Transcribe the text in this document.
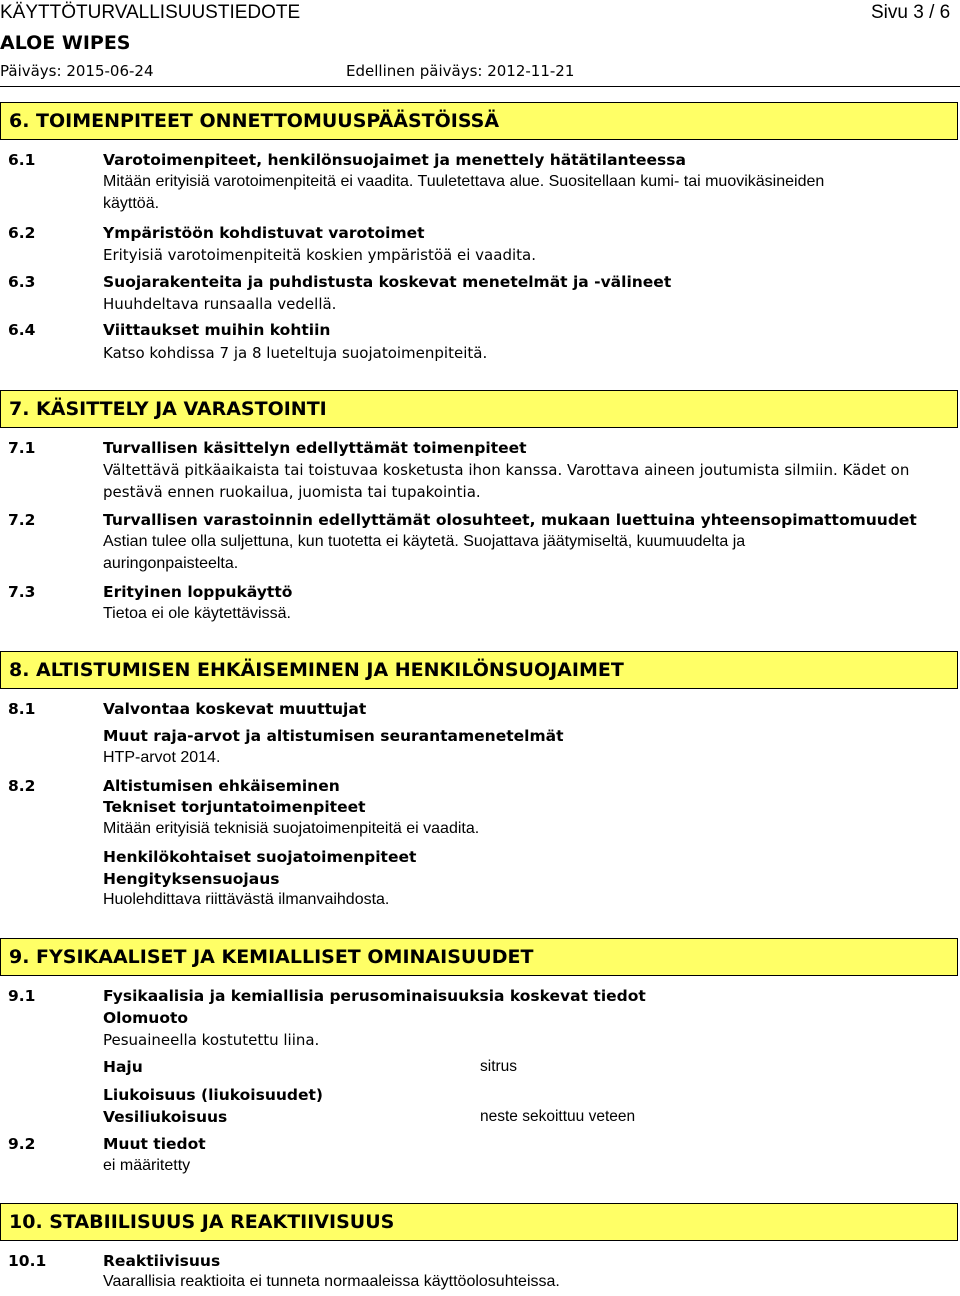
KÄYTTÖTURVALLISUUSTIEDOTE	Sivu 3 / 6
ALOE WIPES
Päiväys: 2015-06-24	Edellinen päiväys: 2012-11-21
6. TOIMENPITEET ONNETTOMUUSPÄÄSTÖISSÄ
6.1	Varotoimenpiteet, henkilönsuojaimet ja menettely hätätilanteessa
Mitään erityisiä varotoimenpiteitä ei vaadita. Tuuletettava alue. Suositellaan kumi- tai muovikäsineiden
käyttöä.
6.2	Ympäristöön kohdistuvat varotoimet
Erityisiä varotoimenpiteitä koskien ympäristöä ei vaadita.
6.3	Suojarakenteita ja puhdistusta koskevat menetelmät ja -välineet
Huuhdeltava runsaalla vedellä.
6.4	Viittaukset muihin kohtiin
Katso kohdissa 7 ja 8 lueteltuja suojatoimenpiteitä.
7. KÄSITTELY JA VARASTOINTI
7.1	Turvallisen käsittelyn edellyttämät toimenpiteet
Vältettävä pitkäaikaista tai toistuvaa kosketusta ihon kanssa. Varottava aineen joutumista silmiin. Kädet on
pestävä ennen ruokailua, juomista tai tupakointia.
7.2	Turvallisen varastoinnin edellyttämät olosuhteet, mukaan luettuina yhteensopimattomuudet
Astian tulee olla suljettuna, kun tuotetta ei käytetä. Suojattava jäätymiseltä, kuumuudelta ja
auringonpaisteelta.
7.3	Erityinen loppukäyttö
Tietoa ei ole käytettävissä.
8. ALTISTUMISEN EHKÄISEMINEN JA HENKILÖNSUOJAIMET
8.1	Valvontaa koskevat muuttujat
Muut raja-arvot ja altistumisen seurantamenetelmät
HTP-arvot 2014.
8.2	Altistumisen ehkäiseminen
Tekniset torjuntatoimenpiteet
Mitään erityisiä teknisiä suojatoimenpiteitä ei vaadita.
Henkilökohtaiset suojatoimenpiteet
Hengityksensuojaus
Huolehdittava riittävästä ilmanvaihdosta.
9. FYSIKAALISET JA KEMIALLISET OMINAISUUDET
9.1	Fysikaalisia ja kemiallisia perusominaisuuksia koskevat tiedot
Olomuoto
Pesuaineella kostutettu liina.
Haju	sitrus
Liukoisuus (liukoisuudet)
Vesiliukoisuus	neste sekoittuu veteen
9.2	Muut tiedot
ei määritetty
10. STABIILISUUS JA REAKTIIVISUUS
10.1	Reaktiivisuus
Vaarallisia reaktioita ei tunneta normaaleissa käyttöolosuhteissa.
